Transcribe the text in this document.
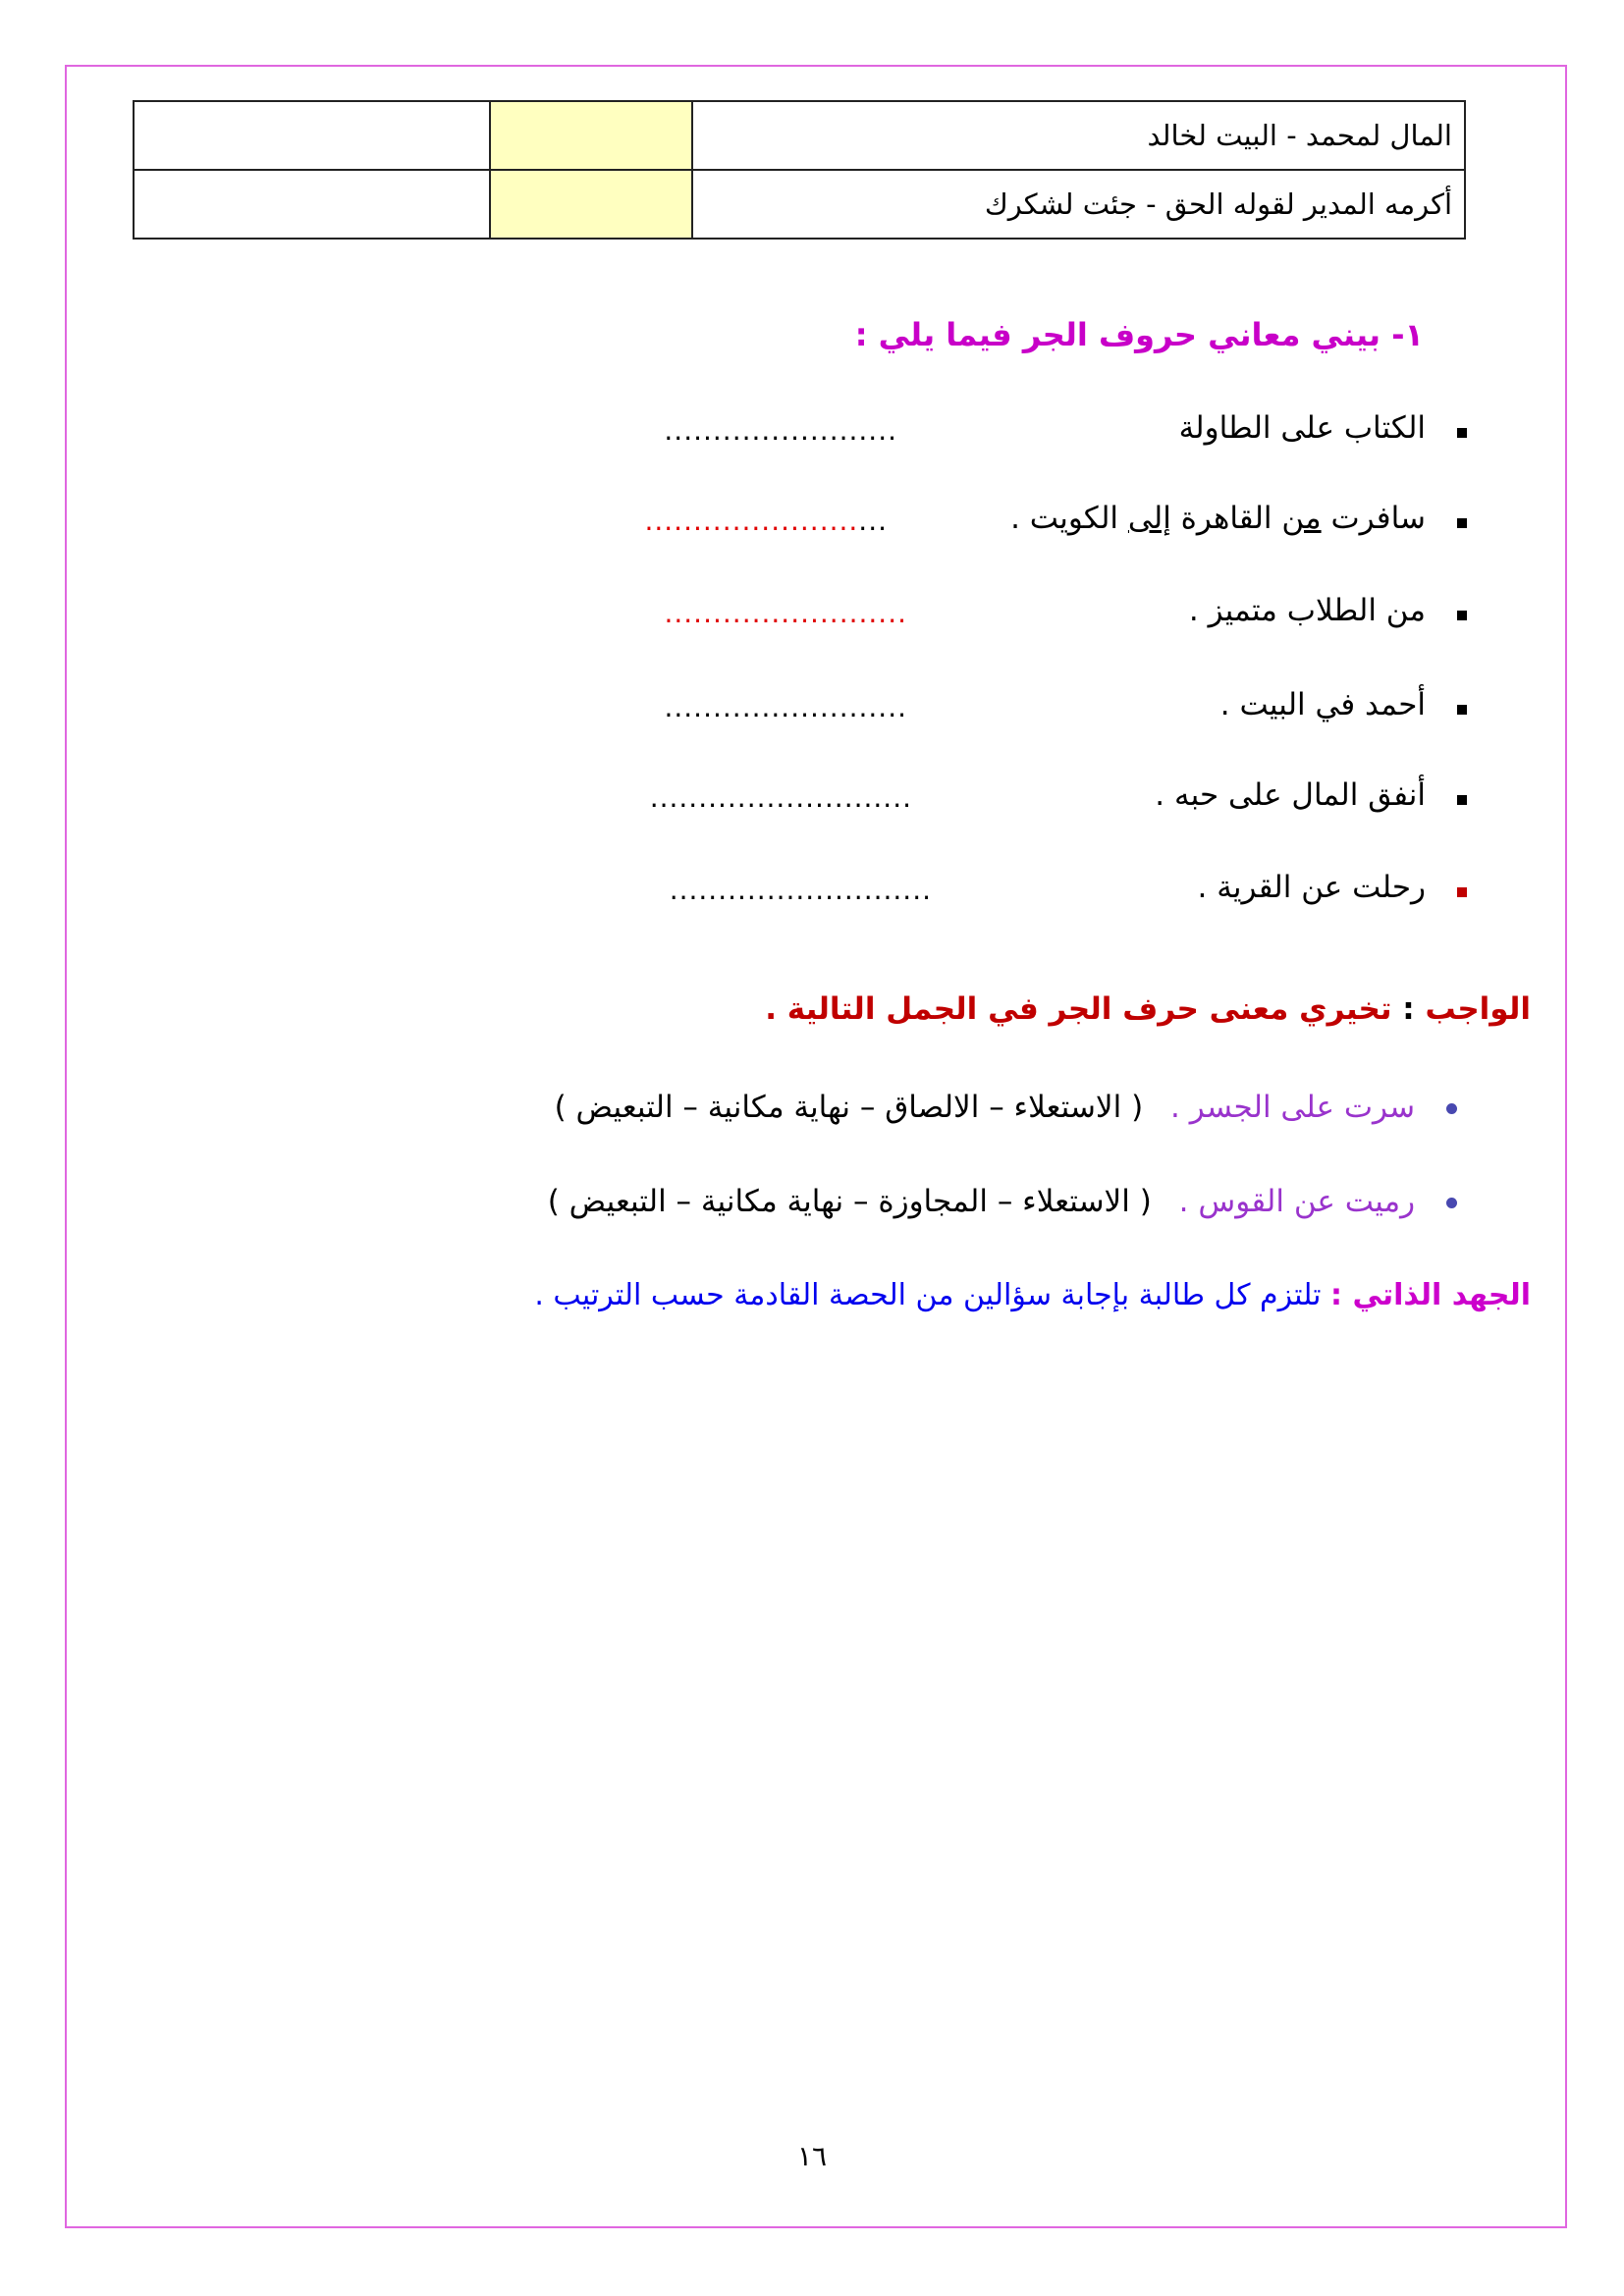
المال لمحمد - البيت لخالد		
أكرمه المدير لقوله الحق - جئت لشكرك		
١- بيني معاني حروف الجر فيما يلي :
الكتاب على الطاولة
........................
سافرت من القاهرة إلى الكويت .
.........................
من الطلاب متميز .
.........................
أحمد في البيت .
.........................
أنفق المال على حبه .
...........................
رحلت عن القرية .
...........................
الواجب : تخيري معنى حرف الجر في الجمل التالية .
سرت على الجسر . ( الاستعلاء – الالصاق – نهاية مكانية – التبعيض )
رميت عن القوس . ( الاستعلاء – المجاوزة – نهاية مكانية – التبعيض )
الجهد الذاتي : تلتزم كل طالبة بإجابة سؤالين من الحصة القادمة حسب الترتيب .
١٦
